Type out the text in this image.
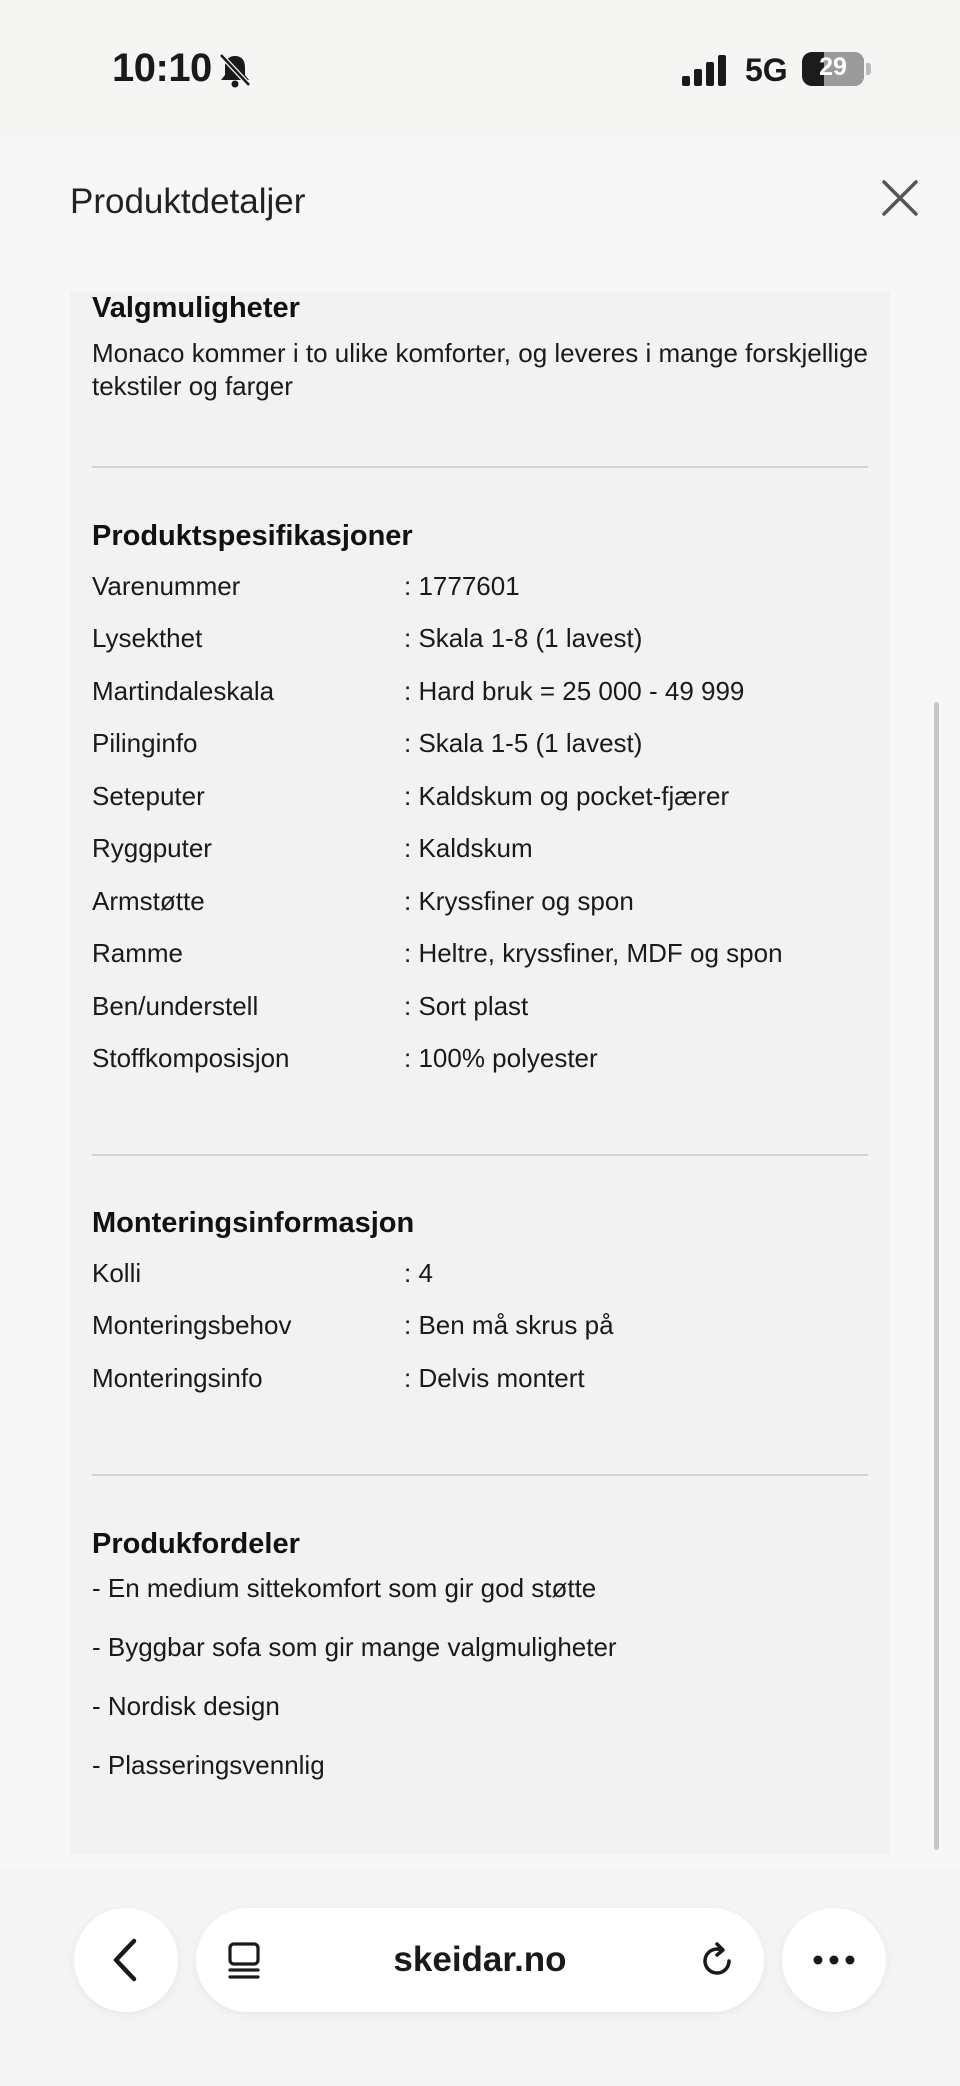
10:10	5G	29
Produktdetaljer
Valgmuligheter
Monaco kommer i to ulike komforter, og leveres i mange forskjellige tekstiler og farger
Produktspesifikasjoner
Varenummer	: 1777601
Lysekthet	: Skala 1-8 (1 lavest)
Martindaleskala	: Hard bruk = 25 000 - 49 999
Pilinginfo	: Skala 1-5 (1 lavest)
Seteputer	: Kaldskum og pocket-fjærer
Ryggputer	: Kaldskum
Armstøtte	: Kryssfiner og spon
Ramme	: Heltre, kryssfiner, MDF og spon
Ben/understell	: Sort plast
Stoffkomposisjon	: 100% polyester
Monteringsinformasjon
Kolli	: 4
Monteringsbehov	: Ben må skrus på
Monteringsinfo	: Delvis montert
Produkfordeler
- En medium sittekomfort som gir god støtte
- Byggbar sofa som gir mange valgmuligheter
- Nordisk design
- Plasseringsvennlig
skeidar.no
